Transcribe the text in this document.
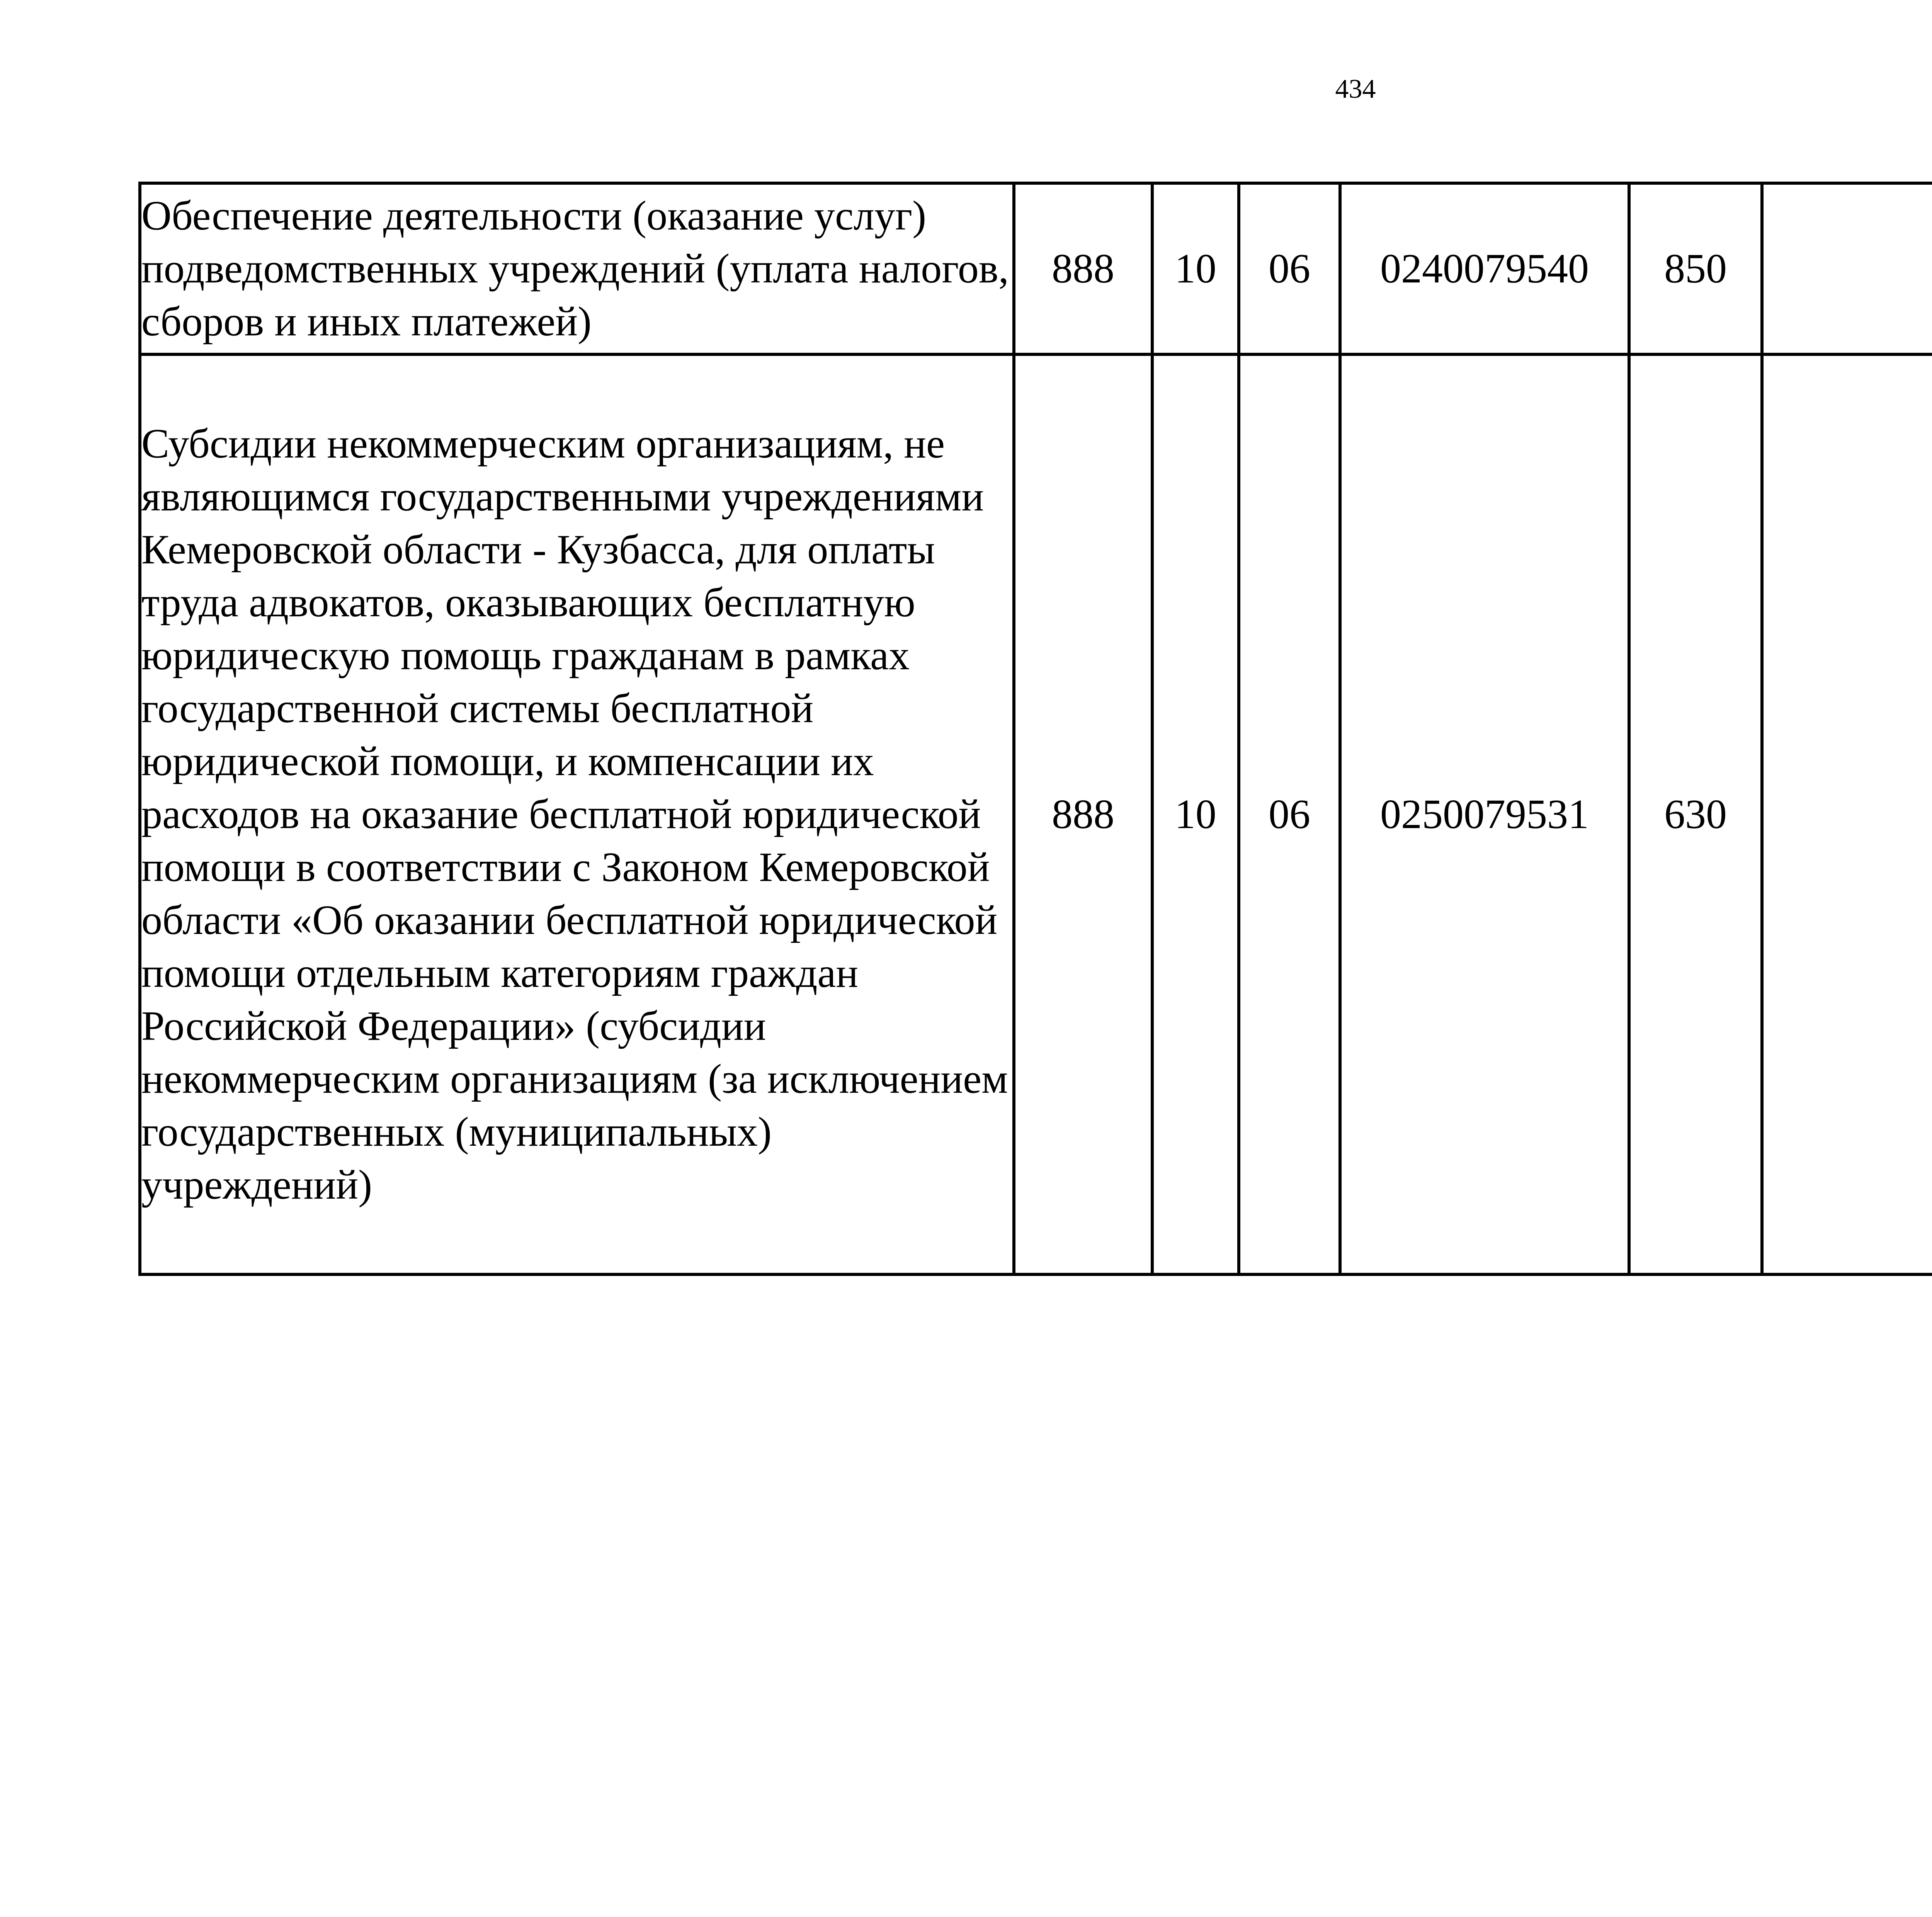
434
Обеспечение деятельности (оказание услуг) подведомственных учреждений (уплата налогов, сборов и иных платежей)	888	10	06	0240079540	850			
Субсидии некоммерческим организациям, не являющимся государственными учреждениями Кемеровской области - Кузбасса, для оплаты труда адвокатов, оказывающих бесплатную юридическую помощь гражданам в рамках государственной системы бесплатной юридической помощи, и компенсации их расходов на оказание бесплатной юридической помощи в соответствии с Законом Кемеровской области «Об оказании бесплатной юридической помощи отдельным категориям граждан Российской Федерации» (субсидии некоммерческим организациям (за исключением государственных (муниципальных) учреждений)	888	10	06	0250079531	630			
